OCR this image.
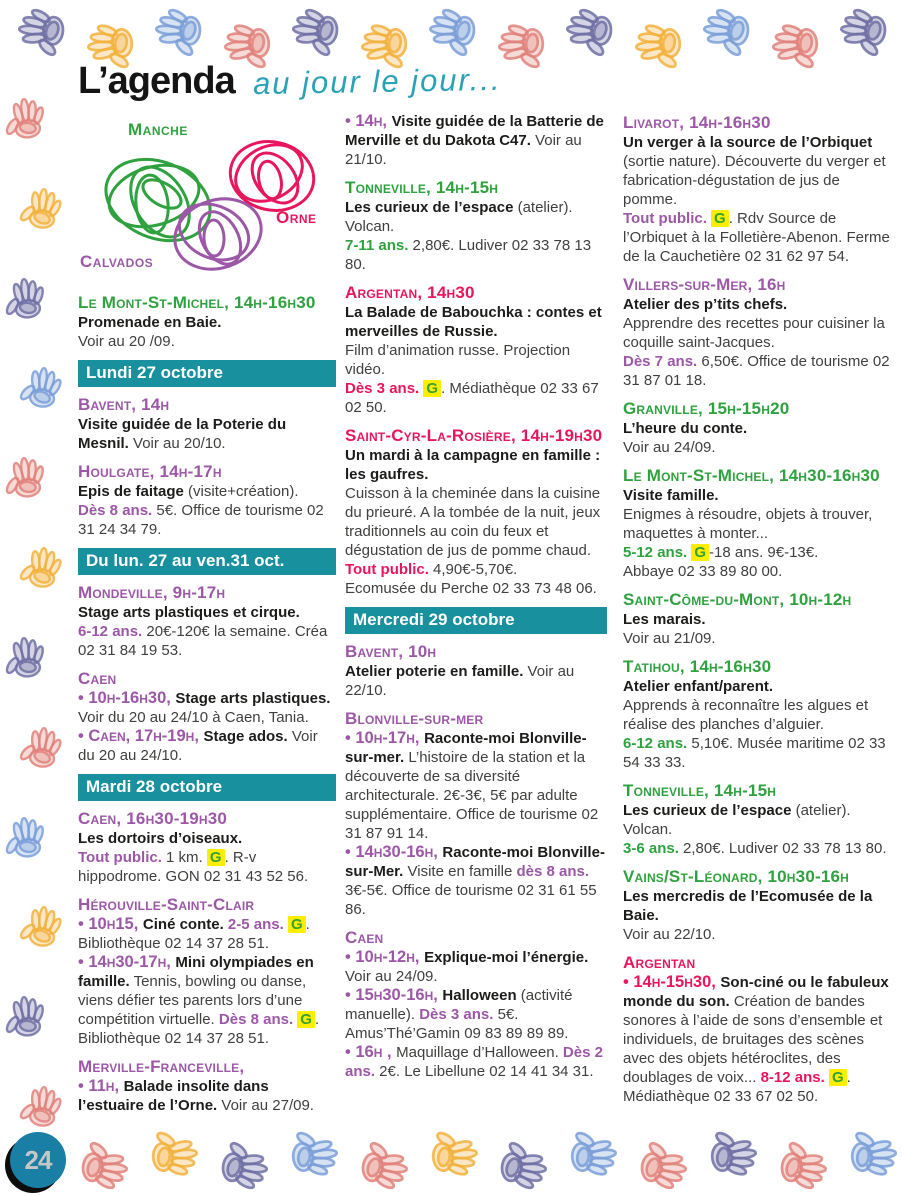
L’agenda au jour le jour...
Manche
Orne
Calvados
Le Mont-St-Michel, 14h-16h30
Promenade en Baie.
Voir au 20 /09.
Lundi 27 octobre
Bavent, 14h
Visite guidée de la Poterie du Mesnil. Voir au 20/10.
Houlgate, 14h-17h
Epis de faitage (visite+création).
Dès 8 ans. 5€. Office de tourisme 02 31 24 34 79.
Du lun. 27 au ven.31 oct.
Mondeville, 9h-17h
Stage arts plastiques et cirque.
6-12 ans. 20€-120€ la semaine. Créa 02 31 84 19 53.
Caen
• 10h-16h30, Stage arts plastiques. Voir du 20 au 24/10 à Caen, Tania.
• Caen, 17h-19h, Stage ados. Voir du 20 au 24/10.
Mardi 28 octobre
Caen, 16h30-19h30
Les dortoirs d’oiseaux.
Tout public. 1 km. G . R-v hippodrome. GON 02 31 43 52 56.
Hérouville-Saint-Clair
• 10h15, Ciné conte. 2-5 ans. G . Bibliothèque 02 14 37 28 51.
• 14h30-17h, Mini olympiades en famille. Tennis, bowling ou danse, viens défier tes parents lors d’une compétition virtuelle. Dès 8 ans. G . Bibliothèque 02 14 37 28 51.
Merville-Franceville,
• 11h, Balade insolite dans l’estuaire de l’Orne. Voir au 27/09.
• 14h, Visite guidée de la Batterie de Merville et du Dakota C47. Voir au 21/10.
Tonneville, 14h-15h
Les curieux de l’espace (atelier).
Volcan.
7-11 ans. 2,80€. Ludiver 02 33 78 13 80.
Argentan, 14h30
La Balade de Babouchka : contes et merveilles de Russie.
Film d’animation russe. Projection vidéo.
Dès 3 ans. G . Médiathèque 02 33 67 02 50.
Saint-Cyr-La-Rosière, 14h-19h30
Un mardi à la campagne en famille : les gaufres.
Cuisson à la cheminée dans la cuisine du prieuré. A la tombée de la nuit, jeux traditionnels au coin du feux et dégustation de jus de pomme chaud.
Tout public. 4,90€-5,70€.
Ecomusée du Perche 02 33 73 48 06.
Mercredi 29 octobre
Bavent, 10h
Atelier poterie en famille. Voir au 22/10.
Blonville-sur-mer
• 10h-17h, Raconte-moi Blonville-sur-mer. L’histoire de la station et la découverte de sa diversité architecturale. 2€-3€, 5€ par adulte supplémentaire. Office de tourisme 02 31 87 91 14.
• 14h30-16h, Raconte-moi Blonville-sur-Mer. Visite en famille dès 8 ans. 3€-5€. Office de tourisme 02 31 61 55 86.
Caen
• 10h-12h, Explique-moi l’énergie. Voir au 24/09.
• 15h30-16h, Halloween (activité manuelle). Dès 3 ans. 5€. Amus’Thé’Gamin 09 83 89 89 89.
• 16h , Maquillage d’Halloween. Dès 2 ans. 2€. Le Libellune 02 14 41 34 31.
Livarot, 14h-16h30
Un verger à la source de l’Orbiquet (sortie nature). Découverte du verger et fabrication-dégustation de jus de pomme.
Tout public. G . Rdv Source de l’Orbiquet à la Folletière-Abenon. Ferme de la Cauchetière 02 31 62 97 54.
Villers-sur-Mer, 16h
Atelier des p’tits chefs.
Apprendre des recettes pour cuisiner la coquille saint-Jacques.
Dès 7 ans. 6,50€. Office de tourisme 02 31 87 01 18.
Granville, 15h-15h20
L’heure du conte.
Voir au 24/09.
Le Mont-St-Michel, 14h30-16h30
Visite famille.
Enigmes à résoudre, objets à trouver, maquettes à monter...
5-12 ans. G -18 ans. 9€-13€.
Abbaye 02 33 89 80 00.
Saint-Côme-du-Mont, 10h-12h
Les marais.
Voir au 21/09.
Tatihou, 14h-16h30
Atelier enfant/parent.
Apprends à reconnaître les algues et réalise des planches d’alguier.
6-12 ans. 5,10€. Musée maritime 02 33 54 33 33.
Tonneville, 14h-15h
Les curieux de l’espace (atelier).
Volcan.
3-6 ans. 2,80€. Ludiver 02 33 78 13 80.
Vains/St-Léonard, 10h30-16h
Les mercredis de l’Ecomusée de la Baie.
Voir au 22/10.
Argentan
• 14h-15h30, Son-ciné ou le fabuleux monde du son. Création de bandes sonores à l’aide de sons d’ensemble et individuels, de bruitages des scènes avec des objets hétéroclites, des doublages de voix... 8-12 ans. G . Médiathèque 02 33 67 02 50.
24
